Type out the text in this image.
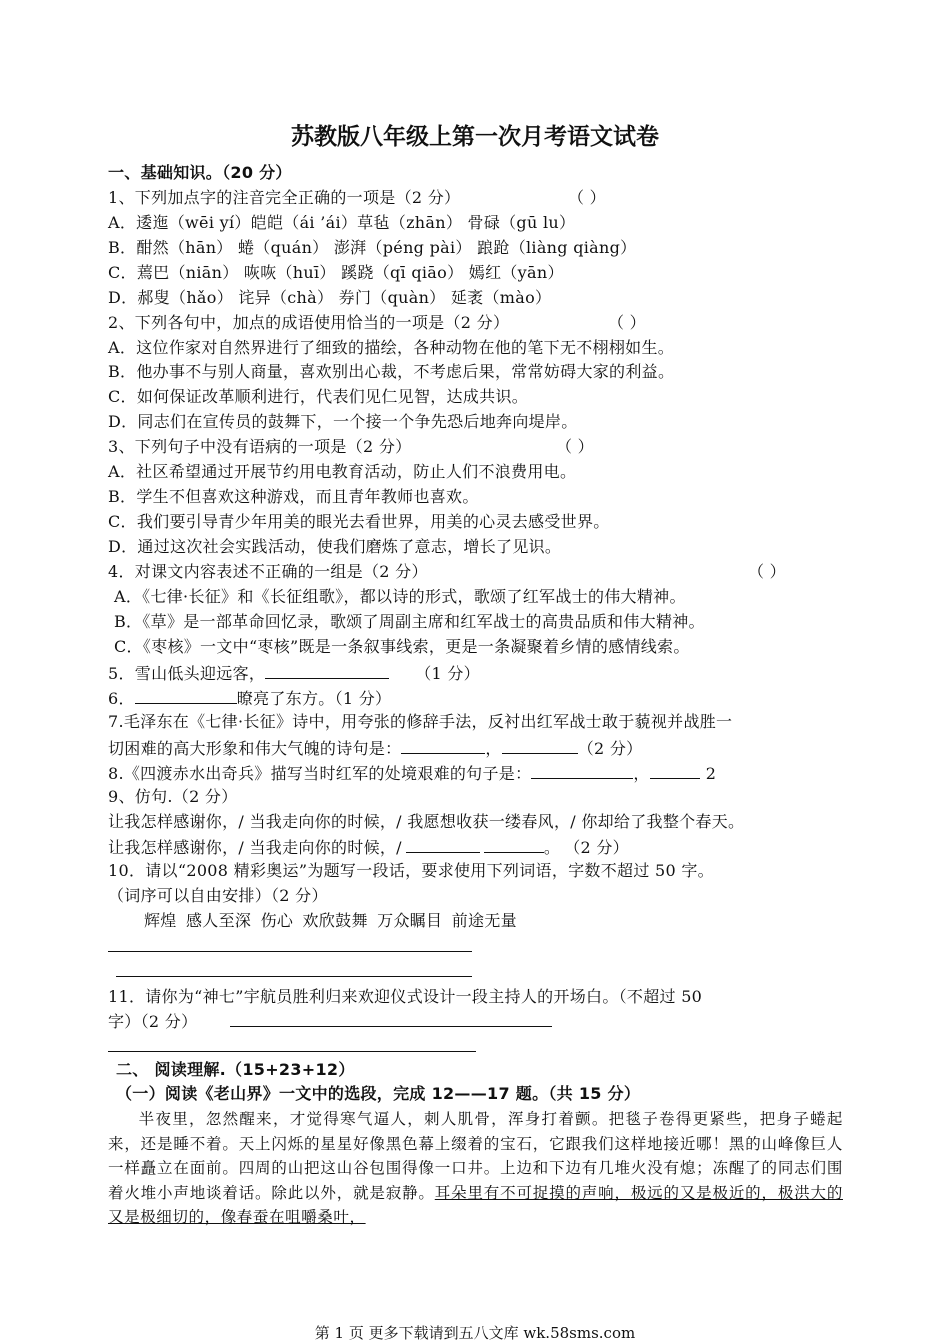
苏教版八年级上第一次月考语文试卷
一、基础知识。（20 分）
1、下列加点字的注音完全正确的一项是（2 分）	（ ）
A．逶迤（wēi yí）皑皑（ái ’ái）草毡（zhān） 骨碌（gū lu）
B．酣然（hān） 蜷（quán） 澎湃（péng pài） 踉跄（liàng qiàng）
C．蔫巴（niān） 咴咴（huī） 蹊跷（qī qiāo） 嫣红（yān）
D．郝叟（hǎo） 诧异（chà） 券门（quàn） 延袤（mào）
2、下列各句中，加点的成语使用恰当的一项是（2 分）	（ ）
A．这位作家对自然界进行了细致的描绘，各种动物在他的笔下无不栩栩如生。
B．他办事不与别人商量，喜欢别出心裁，不考虑后果，常常妨碍大家的利益。
C．如何保证改革顺利进行，代表们见仁见智，达成共识。
D．同志们在宣传员的鼓舞下，一个接一个争先恐后地奔向堤岸。
3、下列句子中没有语病的一项是（2 分）	（ ）
A．社区希望通过开展节约用电教育活动，防止人们不浪费用电。
B．学生不但喜欢这种游戏，而且青年教师也喜欢。
C．我们要引导青少年用美的眼光去看世界，用美的心灵去感受世界。
D．通过这次社会实践活动，使我们磨炼了意志，增长了见识。
4．对课文内容表述不正确的一组是（2 分）	（ ）
A．《七律·长征》和《长征组歌》，都以诗的形式，歌颂了红军战士的伟大精神。
B．《草》是一部革命回忆录，歌颂了周副主席和红军战士的高贵品质和伟大精神。
C．《枣核》一文中“枣核”既是一条叙事线索，更是一条凝聚着乡情的感情线索。
5．雪山低头迎远客，	（1 分）
6．	暸亮了东方。（1 分）
7.毛泽东在《七律·长征》诗中，用夸张的修辞手法，反衬出红军战士敢于藐视并战胜一
切困难的高大形象和伟大气魄的诗句是：	，	（2 分）
8.《四渡赤水出奇兵》描写当时红军的处境艰难的句子是：	，	2
9、仿句.（2 分）
让我怎样感谢你，/ 当我走向你的时候，/ 我愿想收获一缕春风，/ 你却给了我整个春天。
让我怎样感谢你，/ 当我走向你的时候，/	。 （2 分）
10．请以“2008 精彩奥运”为题写一段话，要求使用下列词语，字数不超过 50 字。
（词序可以自由安排）（2 分）
辉煌 感人至深 伤心 欢欣鼓舞 万众瞩目 前途无量
11．请你为“神七”宇航员胜利归来欢迎仪式设计一段主持人的开场白。（不超过 50
字）（2 分）
二、 阅读理解.（15+23+12）
（一）阅读《老山界》一文中的选段，完成 12——17 题。（共 15 分）
半夜里，忽然醒来，才觉得寒气逼人，刺人肌骨，浑身打着颤。把毯子卷得更紧些，把身子蜷起来，还是睡不着。天上闪烁的星星好像黑色幕上缀着的宝石，它跟我们这样地接近哪！黑的山峰像巨人一样矗立在面前。四周的山把这山谷包围得像一口井。上边和下边有几堆火没有熄；冻醒了的同志们围着火堆小声地谈着话。除此以外，就是寂静。耳朵里有不可捉摸的声响，极远的又是极近的，极洪大的又是极细切的，像春蚕在咀嚼桑叶，
第 1 页 更多下载请到五八文库 wk.58sms.com
